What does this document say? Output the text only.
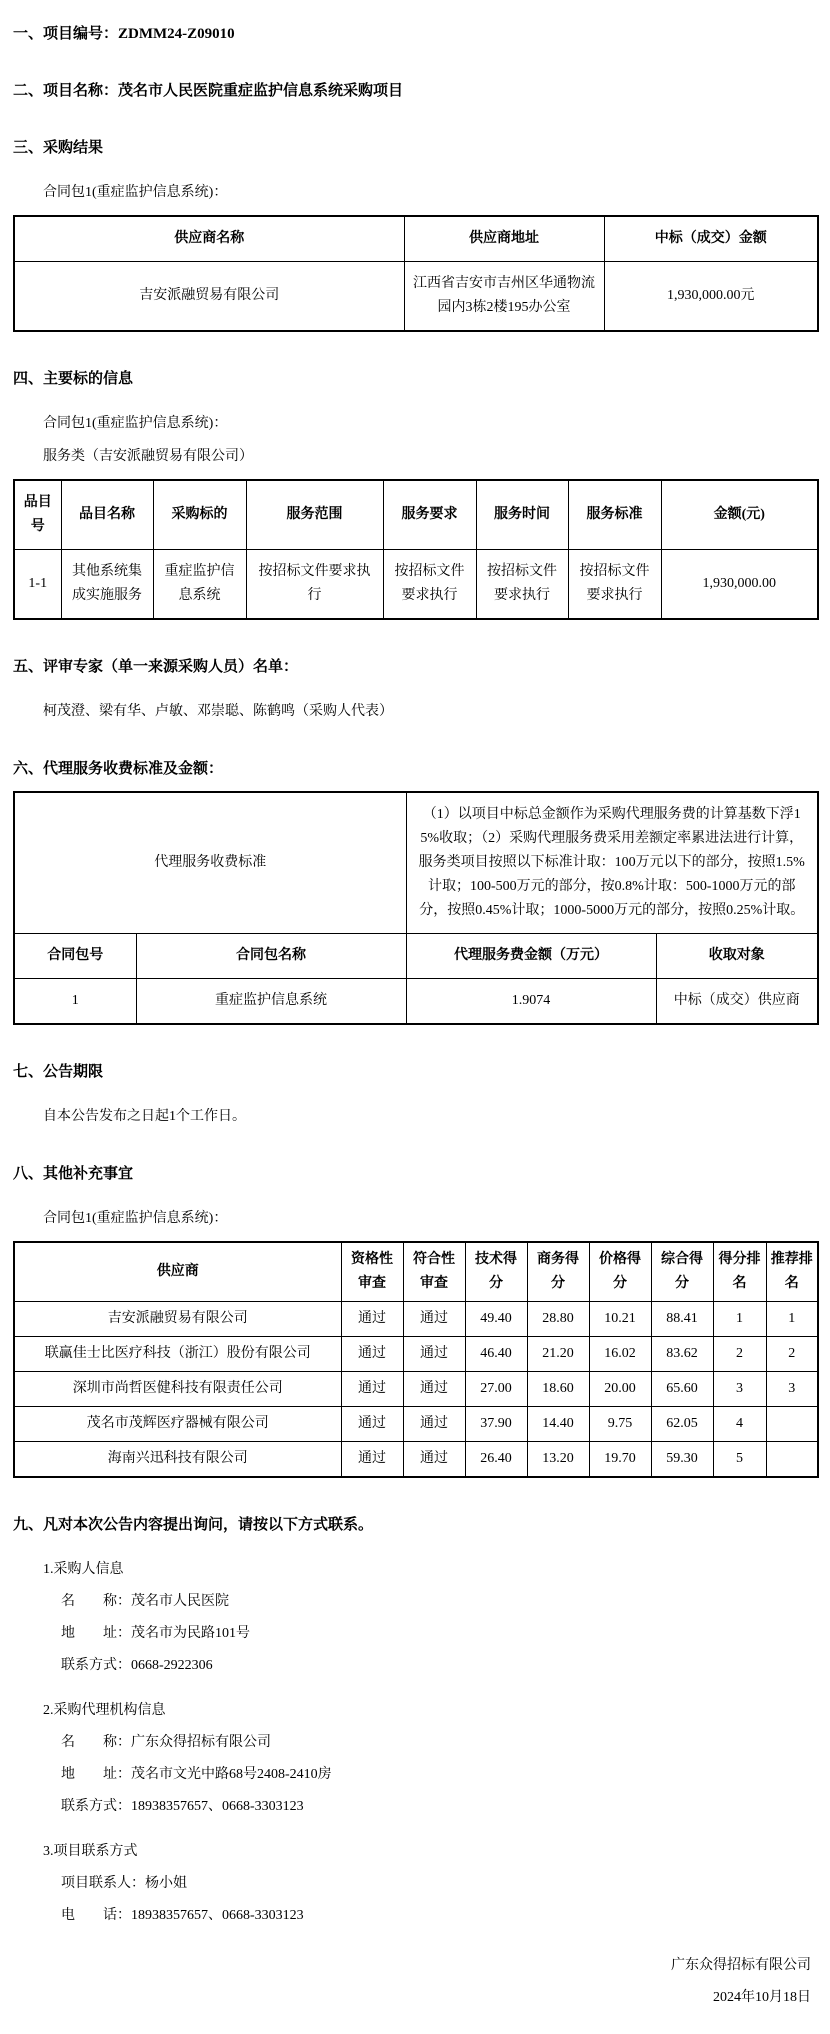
一、项目编号：ZDMM24-Z09010
二、项目名称：茂名市人民医院重症监护信息系统采购项目
三、采购结果
合同包1(重症监护信息系统)：
供应商名称	供应商地址	中标（成交）金额
吉安派融贸易有限公司	江西省吉安市吉州区华通物流园内3栋2楼195办公室	1,930,000.00元
四、主要标的信息
合同包1(重症监护信息系统)：
服务类（吉安派融贸易有限公司）
品目号	品目名称	采购标的	服务范围	服务要求	服务时间	服务标准	金额(元)
1-1	其他系统集成实施服务	重症监护信息系统	按招标文件要求执行	按招标文件要求执行	按招标文件要求执行	按招标文件要求执行	1,930,000.00
五、评审专家（单一来源采购人员）名单：
柯茂澄、梁有华、卢敏、邓崇聪、陈鹤鸣（采购人代表）
六、代理服务收费标准及金额：
代理服务收费标准		（1）以项目中标总金额作为采购代理服务费的计算基数下浮15%收取；（2）采购代理服务费采用差额定率累进法进行计算，服务类项目按照以下标准计取：100万元以下的部分，按照1.5%计取；100-500万元的部分，按0.8%计取：500-1000万元的部分，按照0.45%计取；1000-5000万元的部分，按照0.25%计取。	
合同包号	合同包名称	代理服务费金额（万元）	收取对象
1	重症监护信息系统	1.9074	中标（成交）供应商
七、公告期限
自本公告发布之日起1个工作日。
八、其他补充事宜
合同包1(重症监护信息系统)：
供应商	资格性审查	符合性审查	技术得分	商务得分	价格得分	综合得分	得分排名	推荐排名
吉安派融贸易有限公司	通过	通过	49.40	28.80	10.21	88.41	1	1
联赢佳士比医疗科技（浙江）股份有限公司	通过	通过	46.40	21.20	16.02	83.62	2	2
深圳市尚哲医健科技有限责任公司	通过	通过	27.00	18.60	20.00	65.60	3	3
茂名市茂辉医疗器械有限公司	通过	通过	37.90	14.40	9.75	62.05	4	
海南兴迅科技有限公司	通过	通过	26.40	13.20	19.70	59.30	5	
九、凡对本次公告内容提出询问，请按以下方式联系。
1.采购人信息
名　　称：茂名市人民医院
地　　址：茂名市为民路101号
联系方式：0668-2922306
2.采购代理机构信息
名　　称：广东众得招标有限公司
地　　址：茂名市文光中路68号2408-2410房
联系方式：18938357657、0668-3303123
3.项目联系方式
项目联系人：杨小姐
电　　话：18938357657、0668-3303123
广东众得招标有限公司
2024年10月18日
